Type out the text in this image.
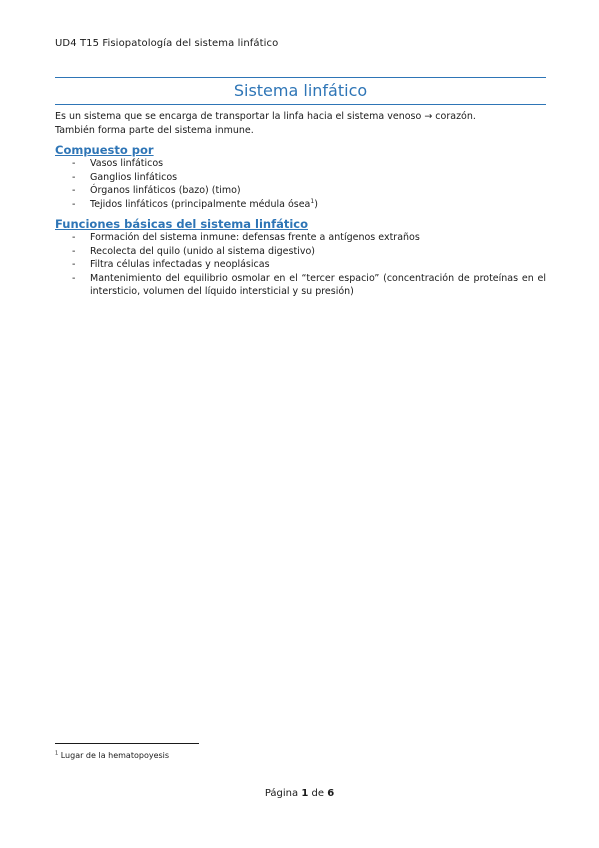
UD4 T15 Fisiopatología del sistema linfático
Sistema linfático

Es un sistema que se encarga de transportar la linfa hacia el sistema venoso → corazón.
También forma parte del sistema inmune.

Compuesto por
- Vasos linfáticos
- Ganglios linfáticos
- Órganos linfáticos (bazo) (timo)
- Tejidos linfáticos (principalmente médula ósea$^1$)
Funciones básicas del sistema linfático
- Formación del sistema inmune: defensas frente a antígenos extraños
- Recolecta del quilo (unido al sistema digestivo)
- Filtra células infectadas y neoplásicas
- Mantenimiento del equilibrio osmolar en el “tercer espacio” (concentración de proteínas en el intersticio, volumen del líquido intersticial y su presión)
$^1$ Lugar de la hematopoyesis
Página 1 de 6
